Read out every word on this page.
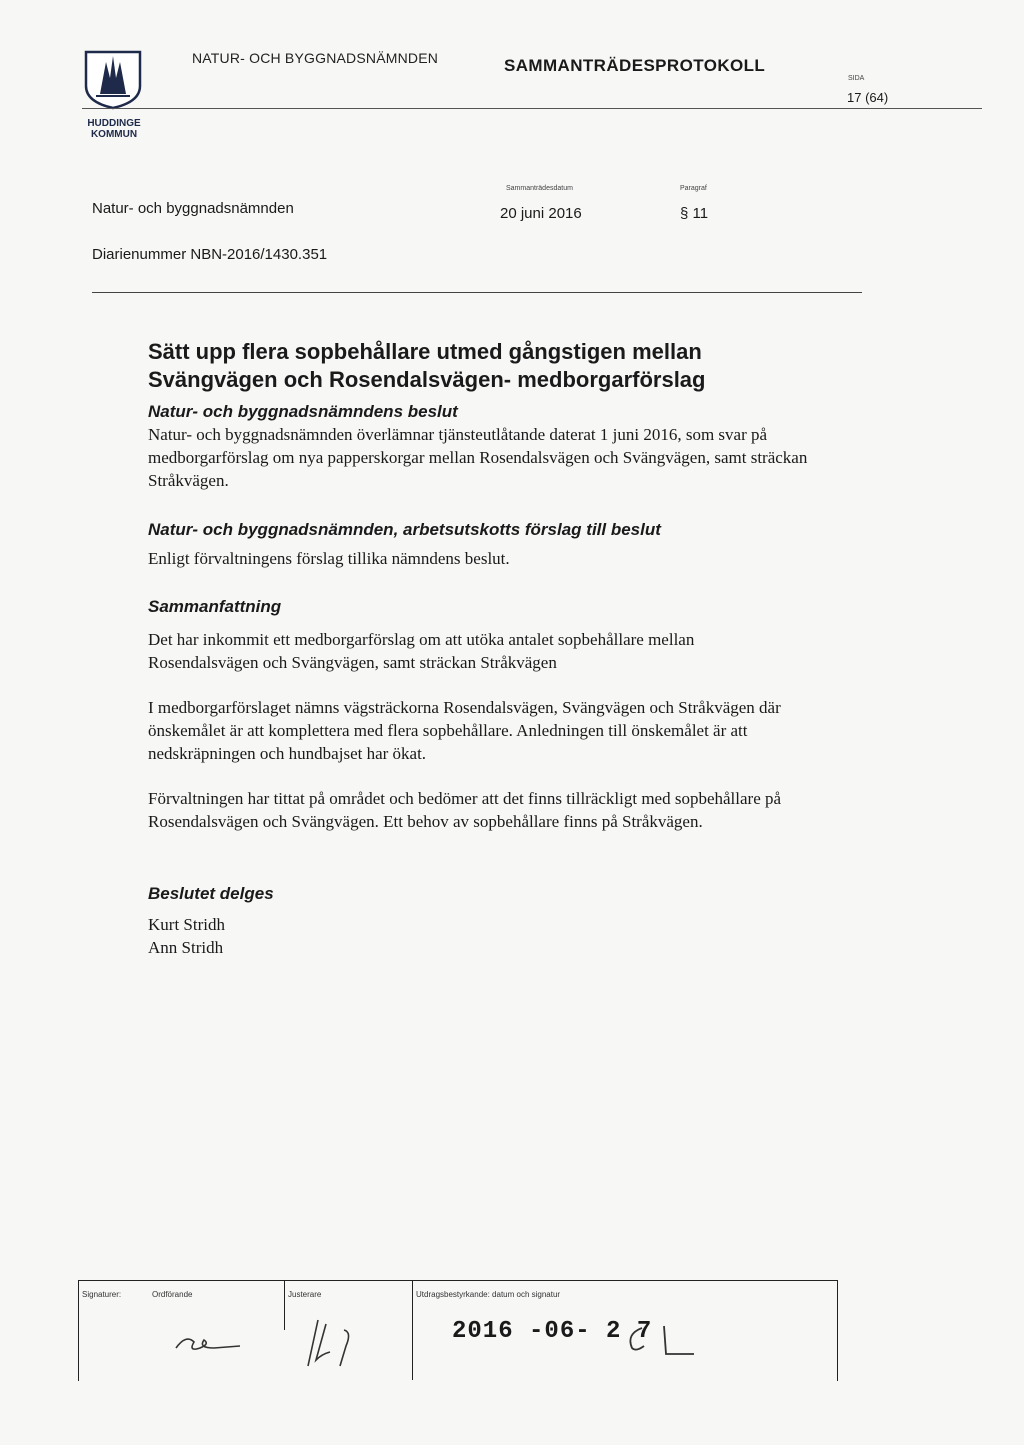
HUDDINGE
KOMMUN
NATUR- OCH BYGGNADSNÄMNDEN	SAMMANTRÄDESPROTOKOLL
SIDA
17 (64)
Natur- och byggnadsnämnden
Sammanträdesdatum
20 juni 2016
Paragraf
§ 11
Diarienummer NBN-2016/1430.351
Sätt upp flera sopbehållare utmed gångstigen mellan
Svängvägen och Rosendalsvägen- medborgarförslag
Natur- och byggnadsnämndens beslut
Natur- och byggnadsnämnden överlämnar tjänsteutlåtande daterat 1 juni 2016, som svar på medborgarförslag om nya papperskorgar mellan Rosendalsvägen och Svängvägen, samt sträckan Stråkvägen.
Natur- och byggnadsnämnden, arbetsutskotts förslag till beslut
Enligt förvaltningens förslag tillika nämndens beslut.
Sammanfattning
Det har inkommit ett medborgarförslag om att utöka antalet sopbehållare mellan Rosendalsvägen och Svängvägen, samt sträckan Stråkvägen
I medborgarförslaget nämns vägsträckorna Rosendalsvägen, Svängvägen och Stråkvägen där önskemålet är att komplettera med flera sopbehållare. Anledningen till önskemålet är att nedskräpningen och hundbajset har ökat.
Förvaltningen har tittat på området och bedömer att det finns tillräckligt med sopbehållare på Rosendalsvägen och Svängvägen. Ett behov av sopbehållare finns på Stråkvägen.
Beslutet delges
Kurt Stridh
Ann Stridh
Signaturer:	Ordförande	Justerare	Utdragsbestyrkande: datum och signatur
2016 -06- 2 7
